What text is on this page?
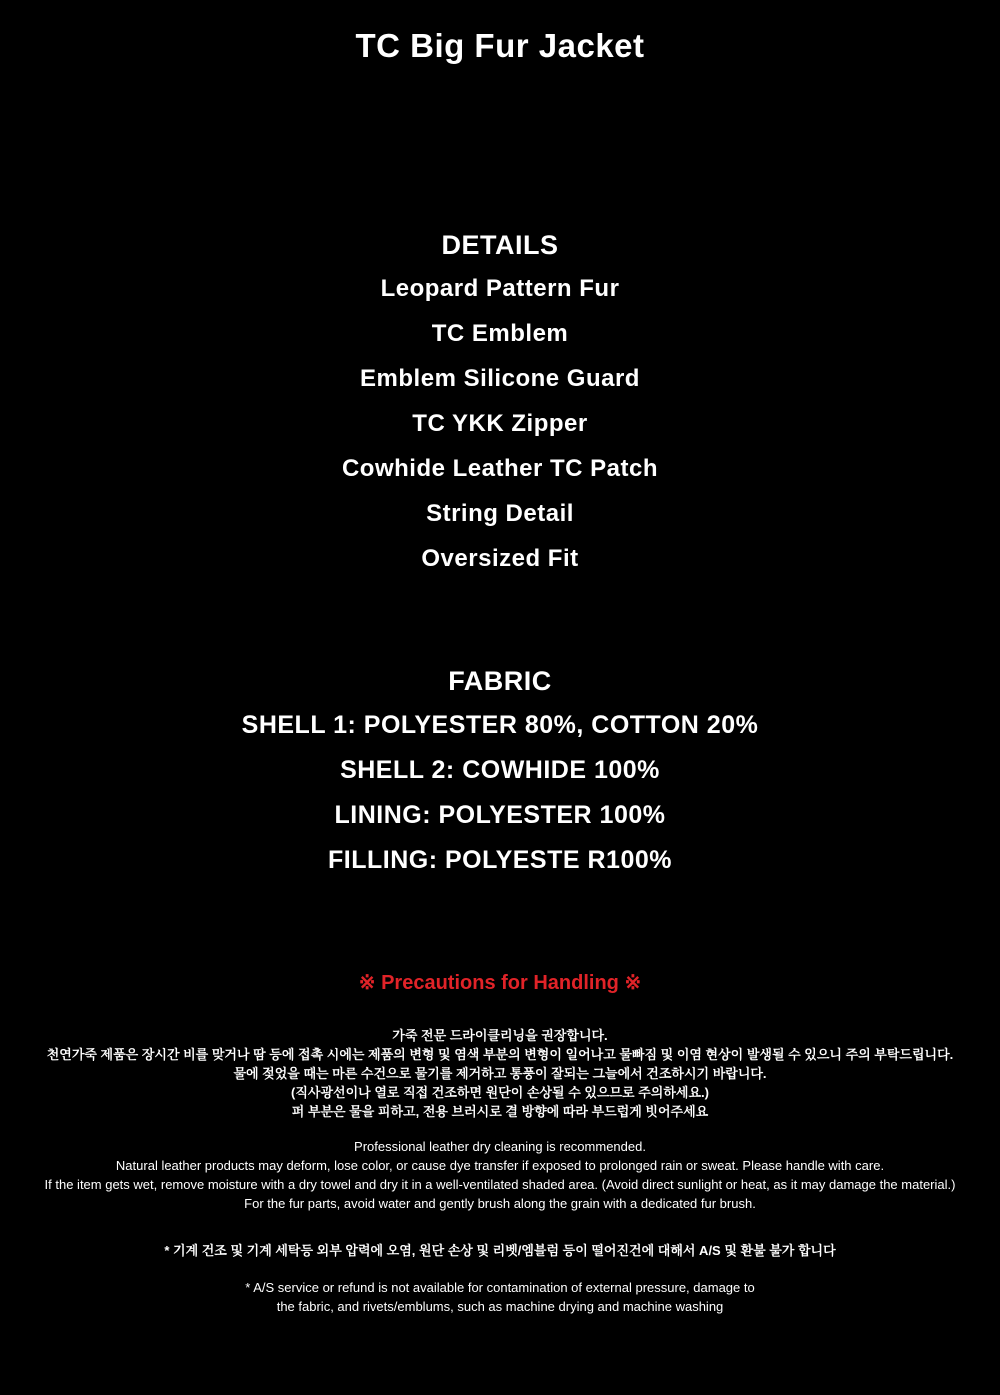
TC Big Fur Jacket
DETAILS
Leopard Pattern Fur
TC Emblem
Emblem Silicone Guard
TC YKK Zipper
Cowhide Leather TC Patch
String Detail
Oversized Fit
FABRIC
SHELL 1: POLYESTER 80%, COTTON 20%
SHELL 2: COWHIDE 100%
LINING: POLYESTER 100%
FILLING: POLYESTE R100%
※ Precautions for Handling ※
가죽 전문 드라이클리닝을 권장합니다.
천연가죽 제품은 장시간 비를 맞거나 땀 등에 접촉 시에는 제품의 변형 및 염색 부분의 변형이 일어나고 물빠짐 및 이염 현상이 발생될 수 있으니 주의 부탁드립니다.
물에 젖었을 때는 마른 수건으로 물기를 제거하고 통풍이 잘되는 그늘에서 건조하시기 바랍니다.
(직사광선이나 열로 직접 건조하면 원단이 손상될 수 있으므로 주의하세요.)
퍼 부분은 물을 피하고, 전용 브러시로 결 방향에 따라 부드럽게 빗어주세요
Professional leather dry cleaning is recommended.
Natural leather products may deform, lose color, or cause dye transfer if exposed to prolonged rain or sweat. Please handle with care.
If the item gets wet, remove moisture with a dry towel and dry it in a well-ventilated shaded area. (Avoid direct sunlight or heat, as it may damage the material.)
For the fur parts, avoid water and gently brush along the grain with a dedicated fur brush.
* 기계 건조 및 기계 세탁등 외부 압력에 오염, 원단 손상 및 리벳/엠블럼 등이 떨어진건에 대해서 A/S 및 환불 불가 합니다
* A/S service or refund is not available for contamination of external pressure, damage to
the fabric, and rivets/emblums, such as machine drying and machine washing
